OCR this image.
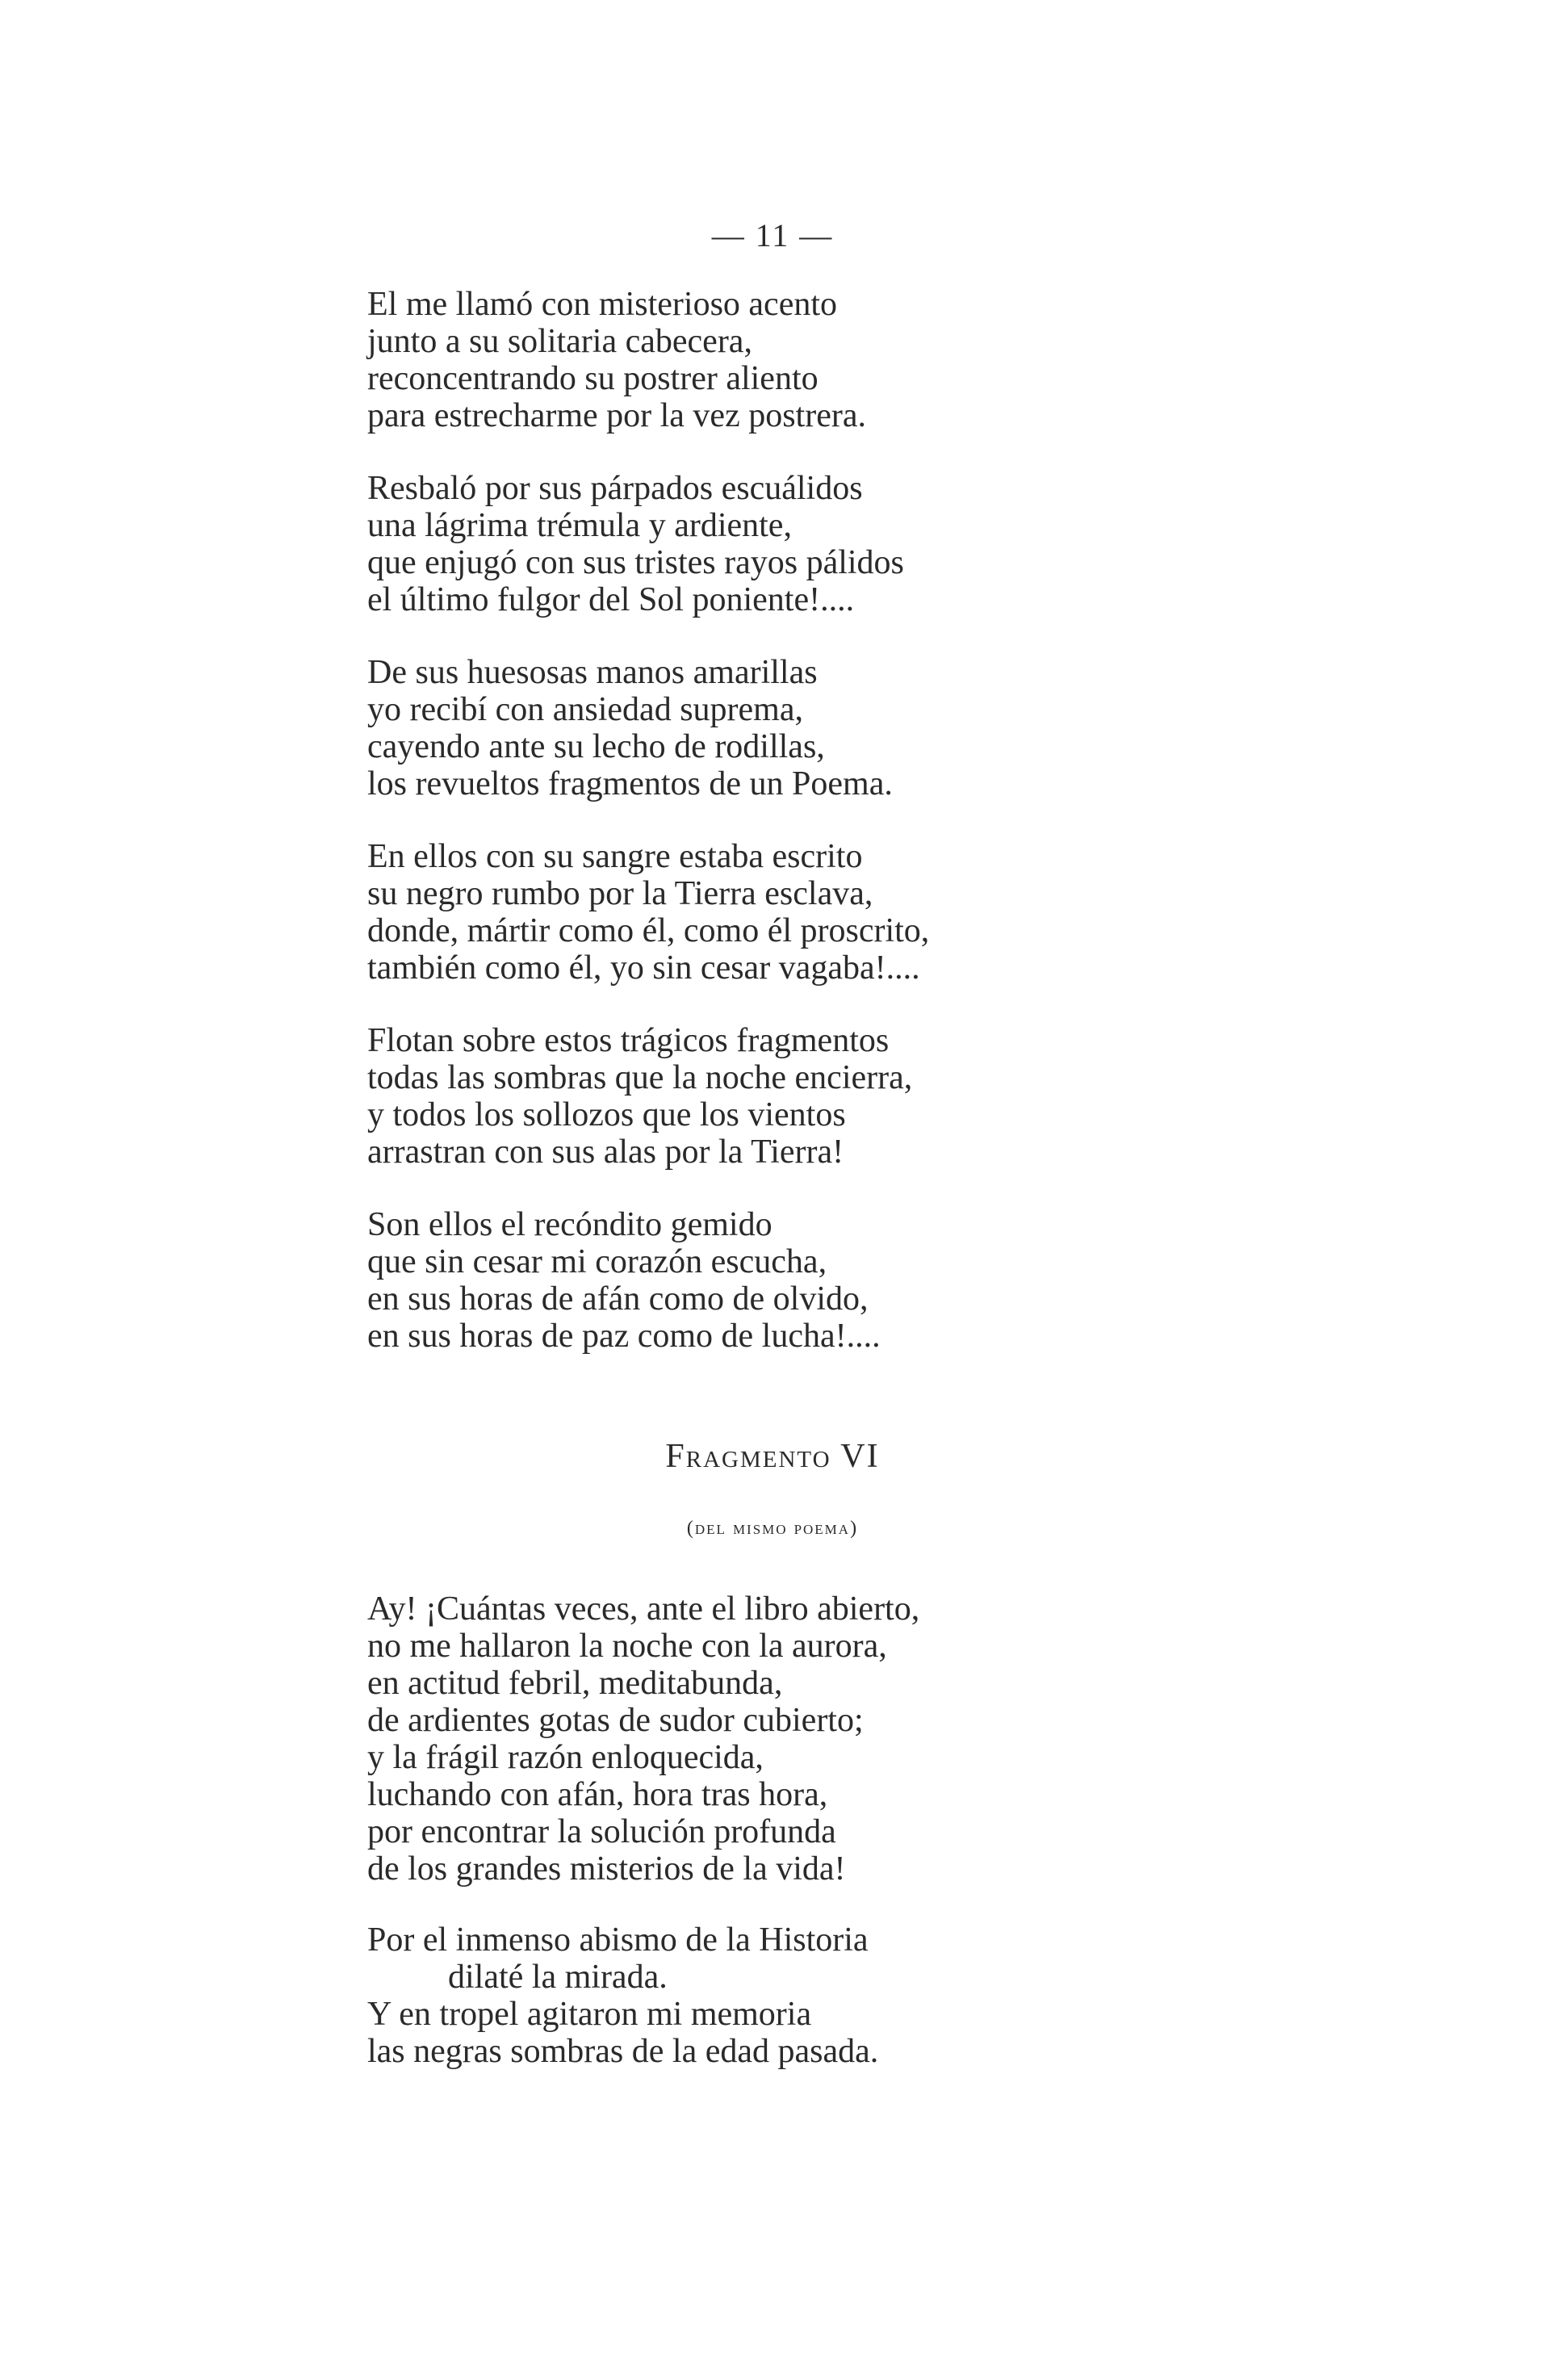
— 11 —
El me llamó con misterioso acento
junto a su solitaria cabecera,
reconcentrando su postrer aliento
para estrecharme por la vez postrera.
Resbaló por sus párpados escuálidos
una lágrima trémula y ardiente,
que enjugó con sus tristes rayos pálidos
el último fulgor del Sol poniente!....
De sus huesosas manos amarillas
yo recibí con ansiedad suprema,
cayendo ante su lecho de rodillas,
los revueltos fragmentos de un Poema.
En ellos con su sangre estaba escrito
su negro rumbo por la Tierra esclava,
donde, mártir como él, como él proscrito,
también como él, yo sin cesar vagaba!....
Flotan sobre estos trágicos fragmentos
todas las sombras que la noche encierra,
y todos los sollozos que los vientos
arrastran con sus alas por la Tierra!
Son ellos el recóndito gemido
que sin cesar mi corazón escucha,
en sus horas de afán como de olvido,
en sus horas de paz como de lucha!....
Fragmento VI
(del mismo poema)
Ay! ¡Cuántas veces, ante el libro abierto,
no me hallaron la noche con la aurora,
en actitud febril, meditabunda,
de ardientes gotas de sudor cubierto;
y la frágil razón enloquecida,
luchando con afán, hora tras hora,
por encontrar la solución profunda
de los grandes misterios de la vida!
Por el inmenso abismo de la Historia
dilaté la mirada.
Y en tropel agitaron mi memoria
las negras sombras de la edad pasada.
